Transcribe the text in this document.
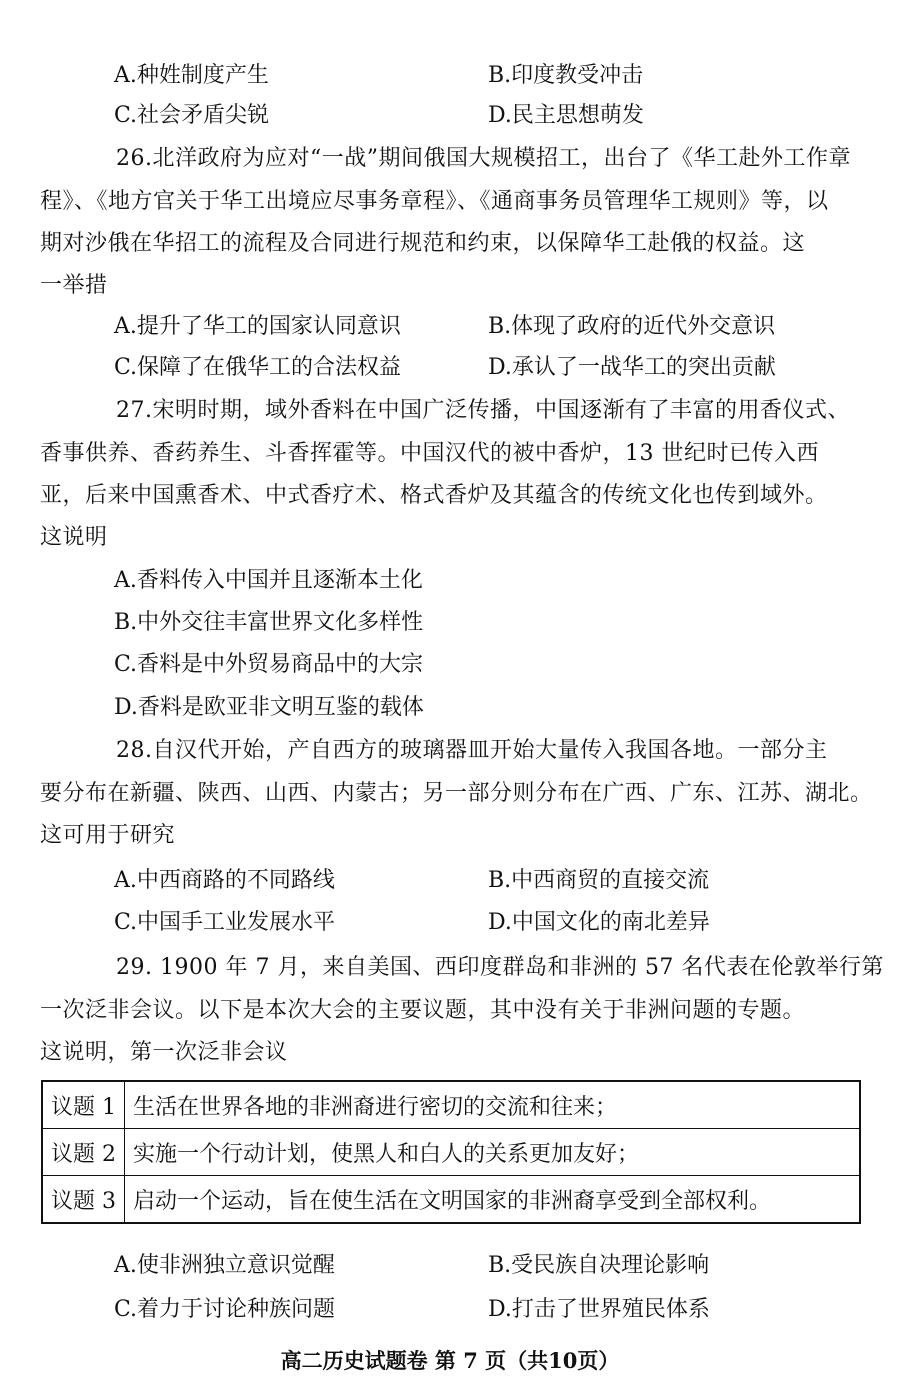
A.种姓制度产生	B.印度教受冲击
C.社会矛盾尖锐	D.民主思想萌发
26.北洋政府为应对“一战”期间俄国大规模招工，出台了《华工赴外工作章
程》、《地方官关于华工出境应尽事务章程》、《通商事务员管理华工规则》等，以
期对沙俄在华招工的流程及合同进行规范和约束，以保障华工赴俄的权益。这
一举措
A.提升了华工的国家认同意识	B.体现了政府的近代外交意识
C.保障了在俄华工的合法权益	D.承认了一战华工的突出贡献
27.宋明时期，域外香料在中国广泛传播，中国逐渐有了丰富的用香仪式、
香事供养、香药养生、斗香挥霍等。中国汉代的被中香炉，13 世纪时已传入西
亚，后来中国熏香术、中式香疗术、格式香炉及其蕴含的传统文化也传到域外。
这说明
A.香料传入中国并且逐渐本土化
B.中外交往丰富世界文化多样性
C.香料是中外贸易商品中的大宗
D.香料是欧亚非文明互鉴的载体
28.自汉代开始，产自西方的玻璃器皿开始大量传入我国各地。一部分主
要分布在新疆、陕西、山西、内蒙古；另一部分则分布在广西、广东、江苏、湖北。
这可用于研究
A.中西商路的不同路线	B.中西商贸的直接交流
C.中国手工业发展水平	D.中国文化的南北差异
29. 1900 年 7 月，来自美国、西印度群岛和非洲的 57 名代表在伦敦举行第
一次泛非会议。以下是本次大会的主要议题，其中没有关于非洲问题的专题。
这说明，第一次泛非会议
议题 1	生活在世界各地的非洲裔进行密切的交流和往来；
议题 2	实施一个行动计划，使黑人和白人的关系更加友好；
议题 3	启动一个运动，旨在使生活在文明国家的非洲裔享受到全部权利。
A.使非洲独立意识觉醒	B.受民族自决理论影响
C.着力于讨论种族问题	D.打击了世界殖民体系
高二历史试题卷 第 7 页（共10页）
